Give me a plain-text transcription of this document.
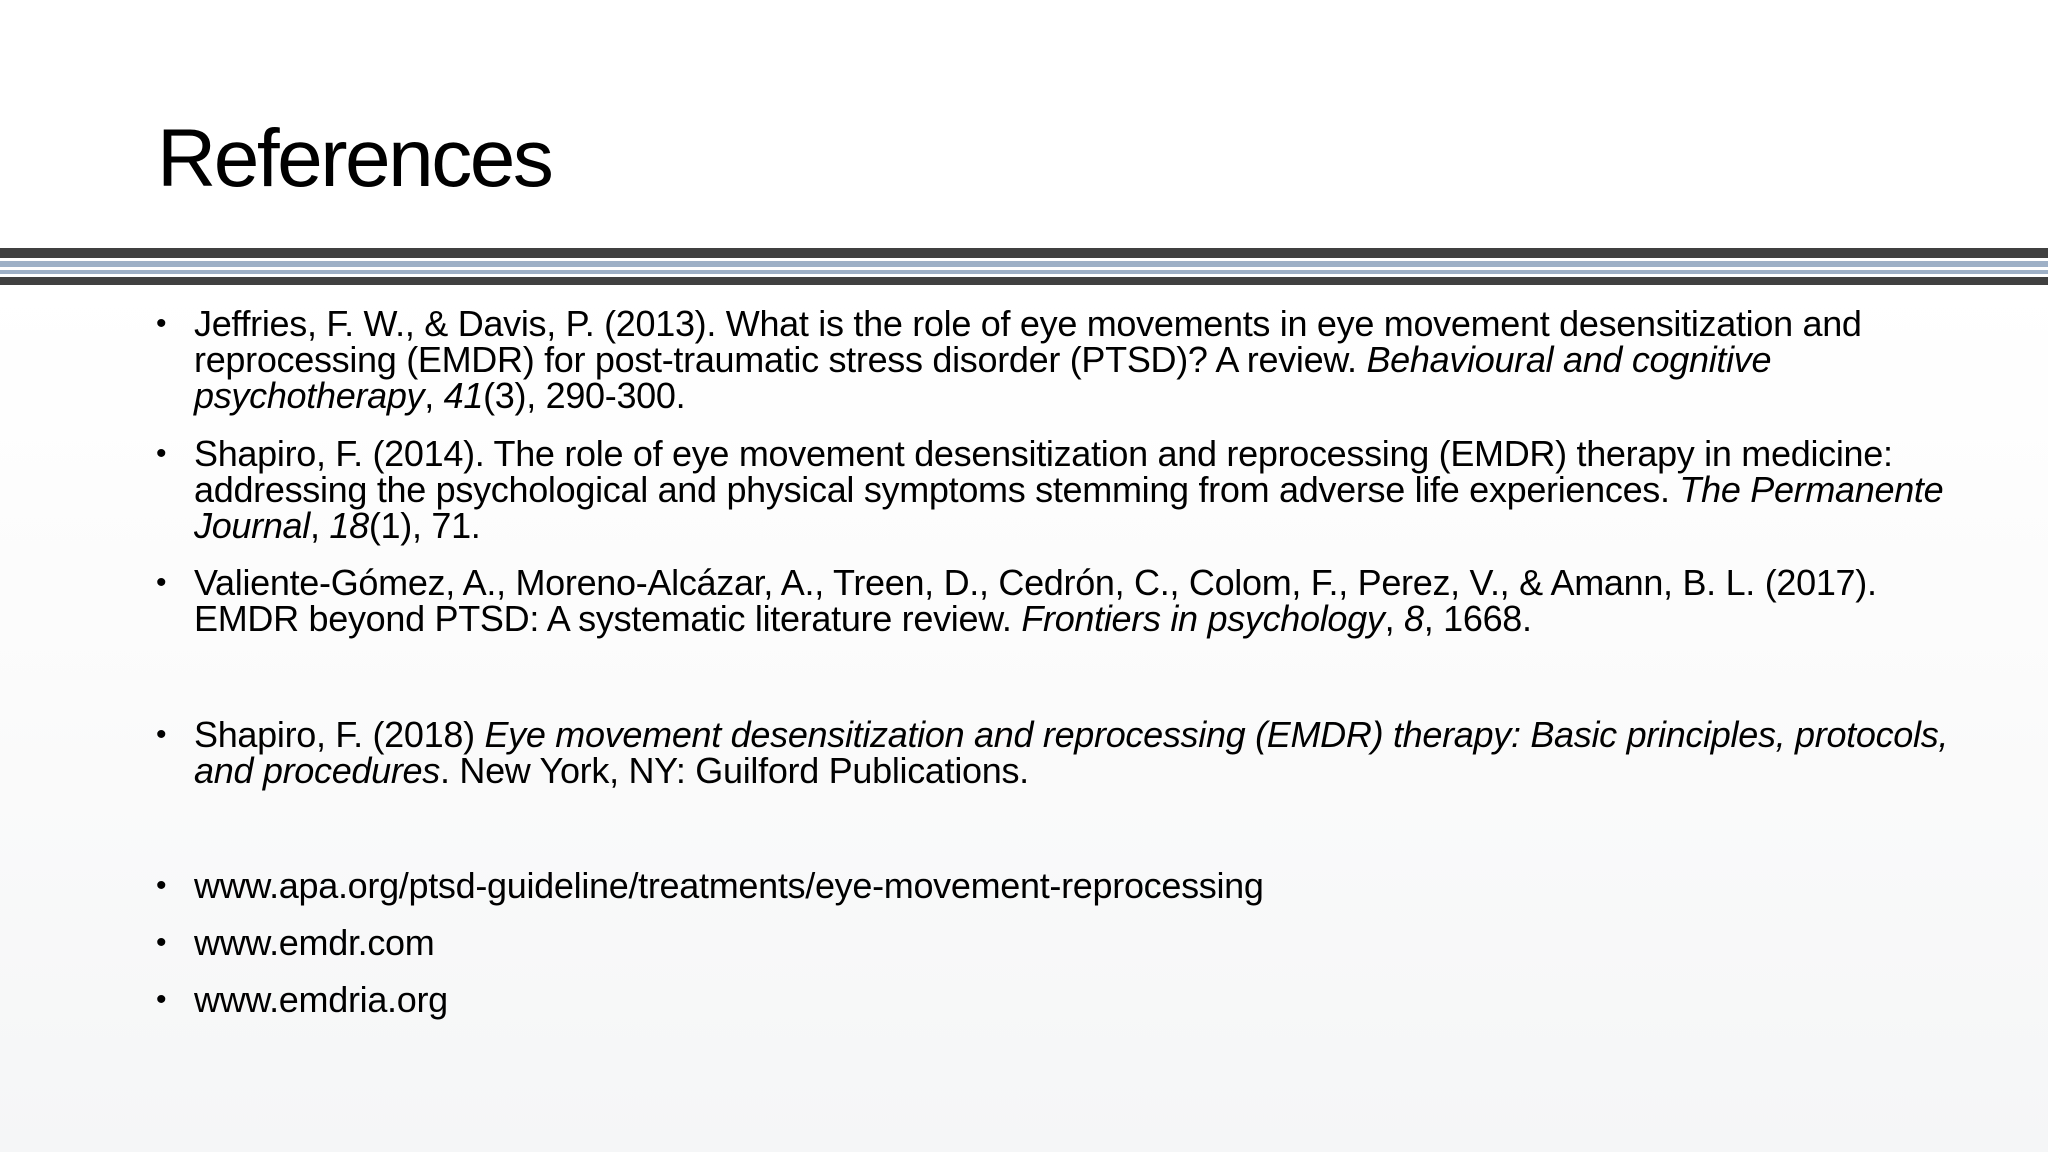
References
• Jeffries, F. W., & Davis, P. (2013). What is the role of eye movements in eye movement desensitization and reprocessing (EMDR) for post-traumatic stress disorder (PTSD)? A review. Behavioural and cognitive psychotherapy, 41(3), 290-300.
• Shapiro, F. (2014). The role of eye movement desensitization and reprocessing (EMDR) therapy in medicine: addressing the psychological and physical symptoms stemming from adverse life experiences. The Permanente Journal, 18(1), 71.
• Valiente-Gómez, A., Moreno-Alcázar, A., Treen, D., Cedrón, C., Colom, F., Perez, V., & Amann, B. L. (2017). EMDR beyond PTSD: A systematic literature review. Frontiers in psychology, 8, 1668.
• Shapiro, F. (2018) Eye movement desensitization and reprocessing (EMDR) therapy: Basic principles, protocols, and procedures. New York, NY: Guilford Publications.
• www.apa.org/ptsd-guideline/treatments/eye-movement-reprocessing
• www.emdr.com
• www.emdria.org
